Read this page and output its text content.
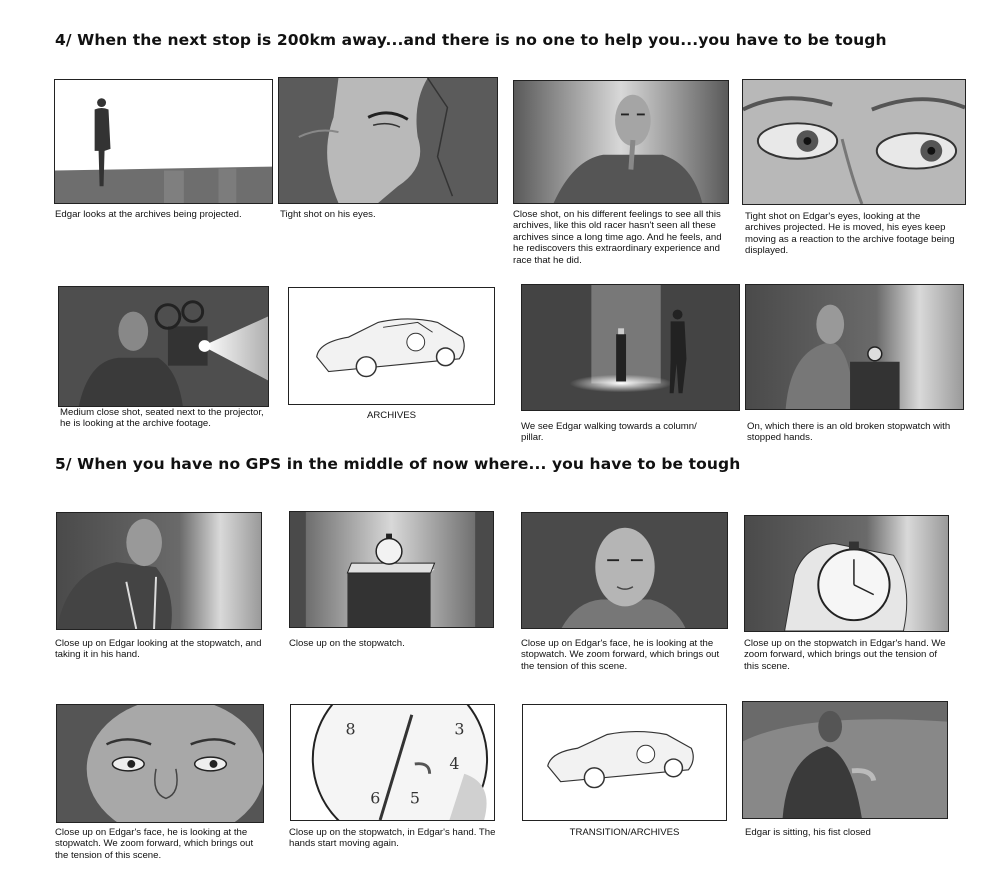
4/ When the next stop is 200km away...and there is no one to help you...you have to be tough
5/ When you have no GPS in the middle of now where... you have to be tough
Edgar looks at the archives being projected.	Tight shot on his eyes.	Close shot, on his different feelings to see all this archives, like this old racer hasn't seen all these archives since a long time ago. And he feels, and he rediscovers this extraordinary experience and race that he did.
Tight shot on Edgar's eyes, looking at the archives projected. He is moved, his eyes keep moving as a reaction to the archive footage being displayed.
Medium close shot, seated next to the projector, he is looking at the archive footage.
ARCHIVES
We see Edgar walking towards a column/ pillar.
On, which there is an old broken stopwatch with stopped hands.
Close up on Edgar looking at the stopwatch, and taking it in his hand.
Close up on the stopwatch.	Close up on Edgar's face, he is looking at the stopwatch. We zoom forward, which brings out the tension of this scene.
Close up on the stopwatch in Edgar's hand. We zoom forward, which brings out the tension of this scene.
8	3
4
6 5
Close up on Edgar's face, he is looking at the stopwatch. We zoom forward, which brings out the tension of this scene.
Close up on the stopwatch, in Edgar's hand. The hands start moving again.
TRANSITION/ARCHIVES	Edgar is sitting, his fist closed
